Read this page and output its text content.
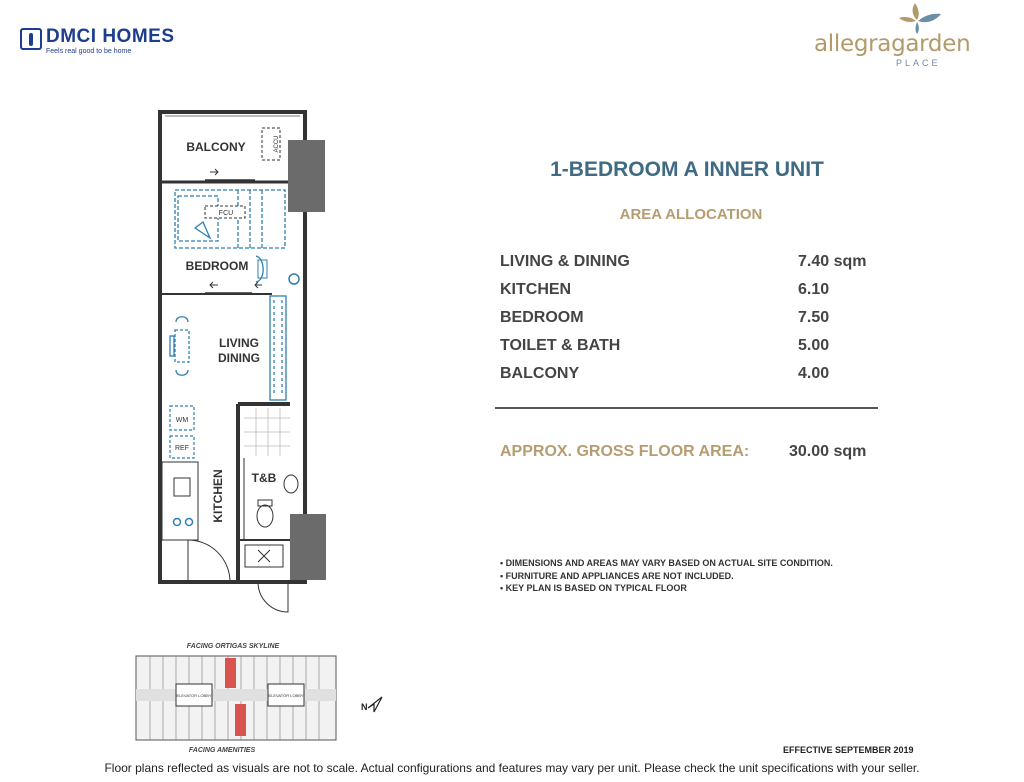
DMCI HOMES
Feels real good to be home	allegragarden
PLACE
ACCU
FCU
WM
REF
BALCONY
BEDROOM
LIVING
DINING
T&B
KITCHEN
1-BEDROOM A INNER UNIT
AREA ALLOCATION
LIVING & DINING	7.40 sqm
KITCHEN	6.10
BEDROOM	7.50
TOILET & BATH	5.00
BALCONY	4.00
APPROX. GROSS FLOOR AREA: 30.00 sqm
• DIMENSIONS AND AREAS MAY VARY BASED ON ACTUAL SITE CONDITION.
• FURNITURE AND APPLIANCES ARE NOT INCLUDED.
• KEY PLAN IS BASED ON TYPICAL FLOOR
FACING ORTIGAS SKYLINE
FACING AMENITIES
ELEVATOR LOBBY	ELEVATOR LOBBY
N
EFFECTIVE SEPTEMBER 2019
Floor plans reflected as visuals are not to scale. Actual configurations and features may vary per unit. Please check the unit specifications with your seller.
